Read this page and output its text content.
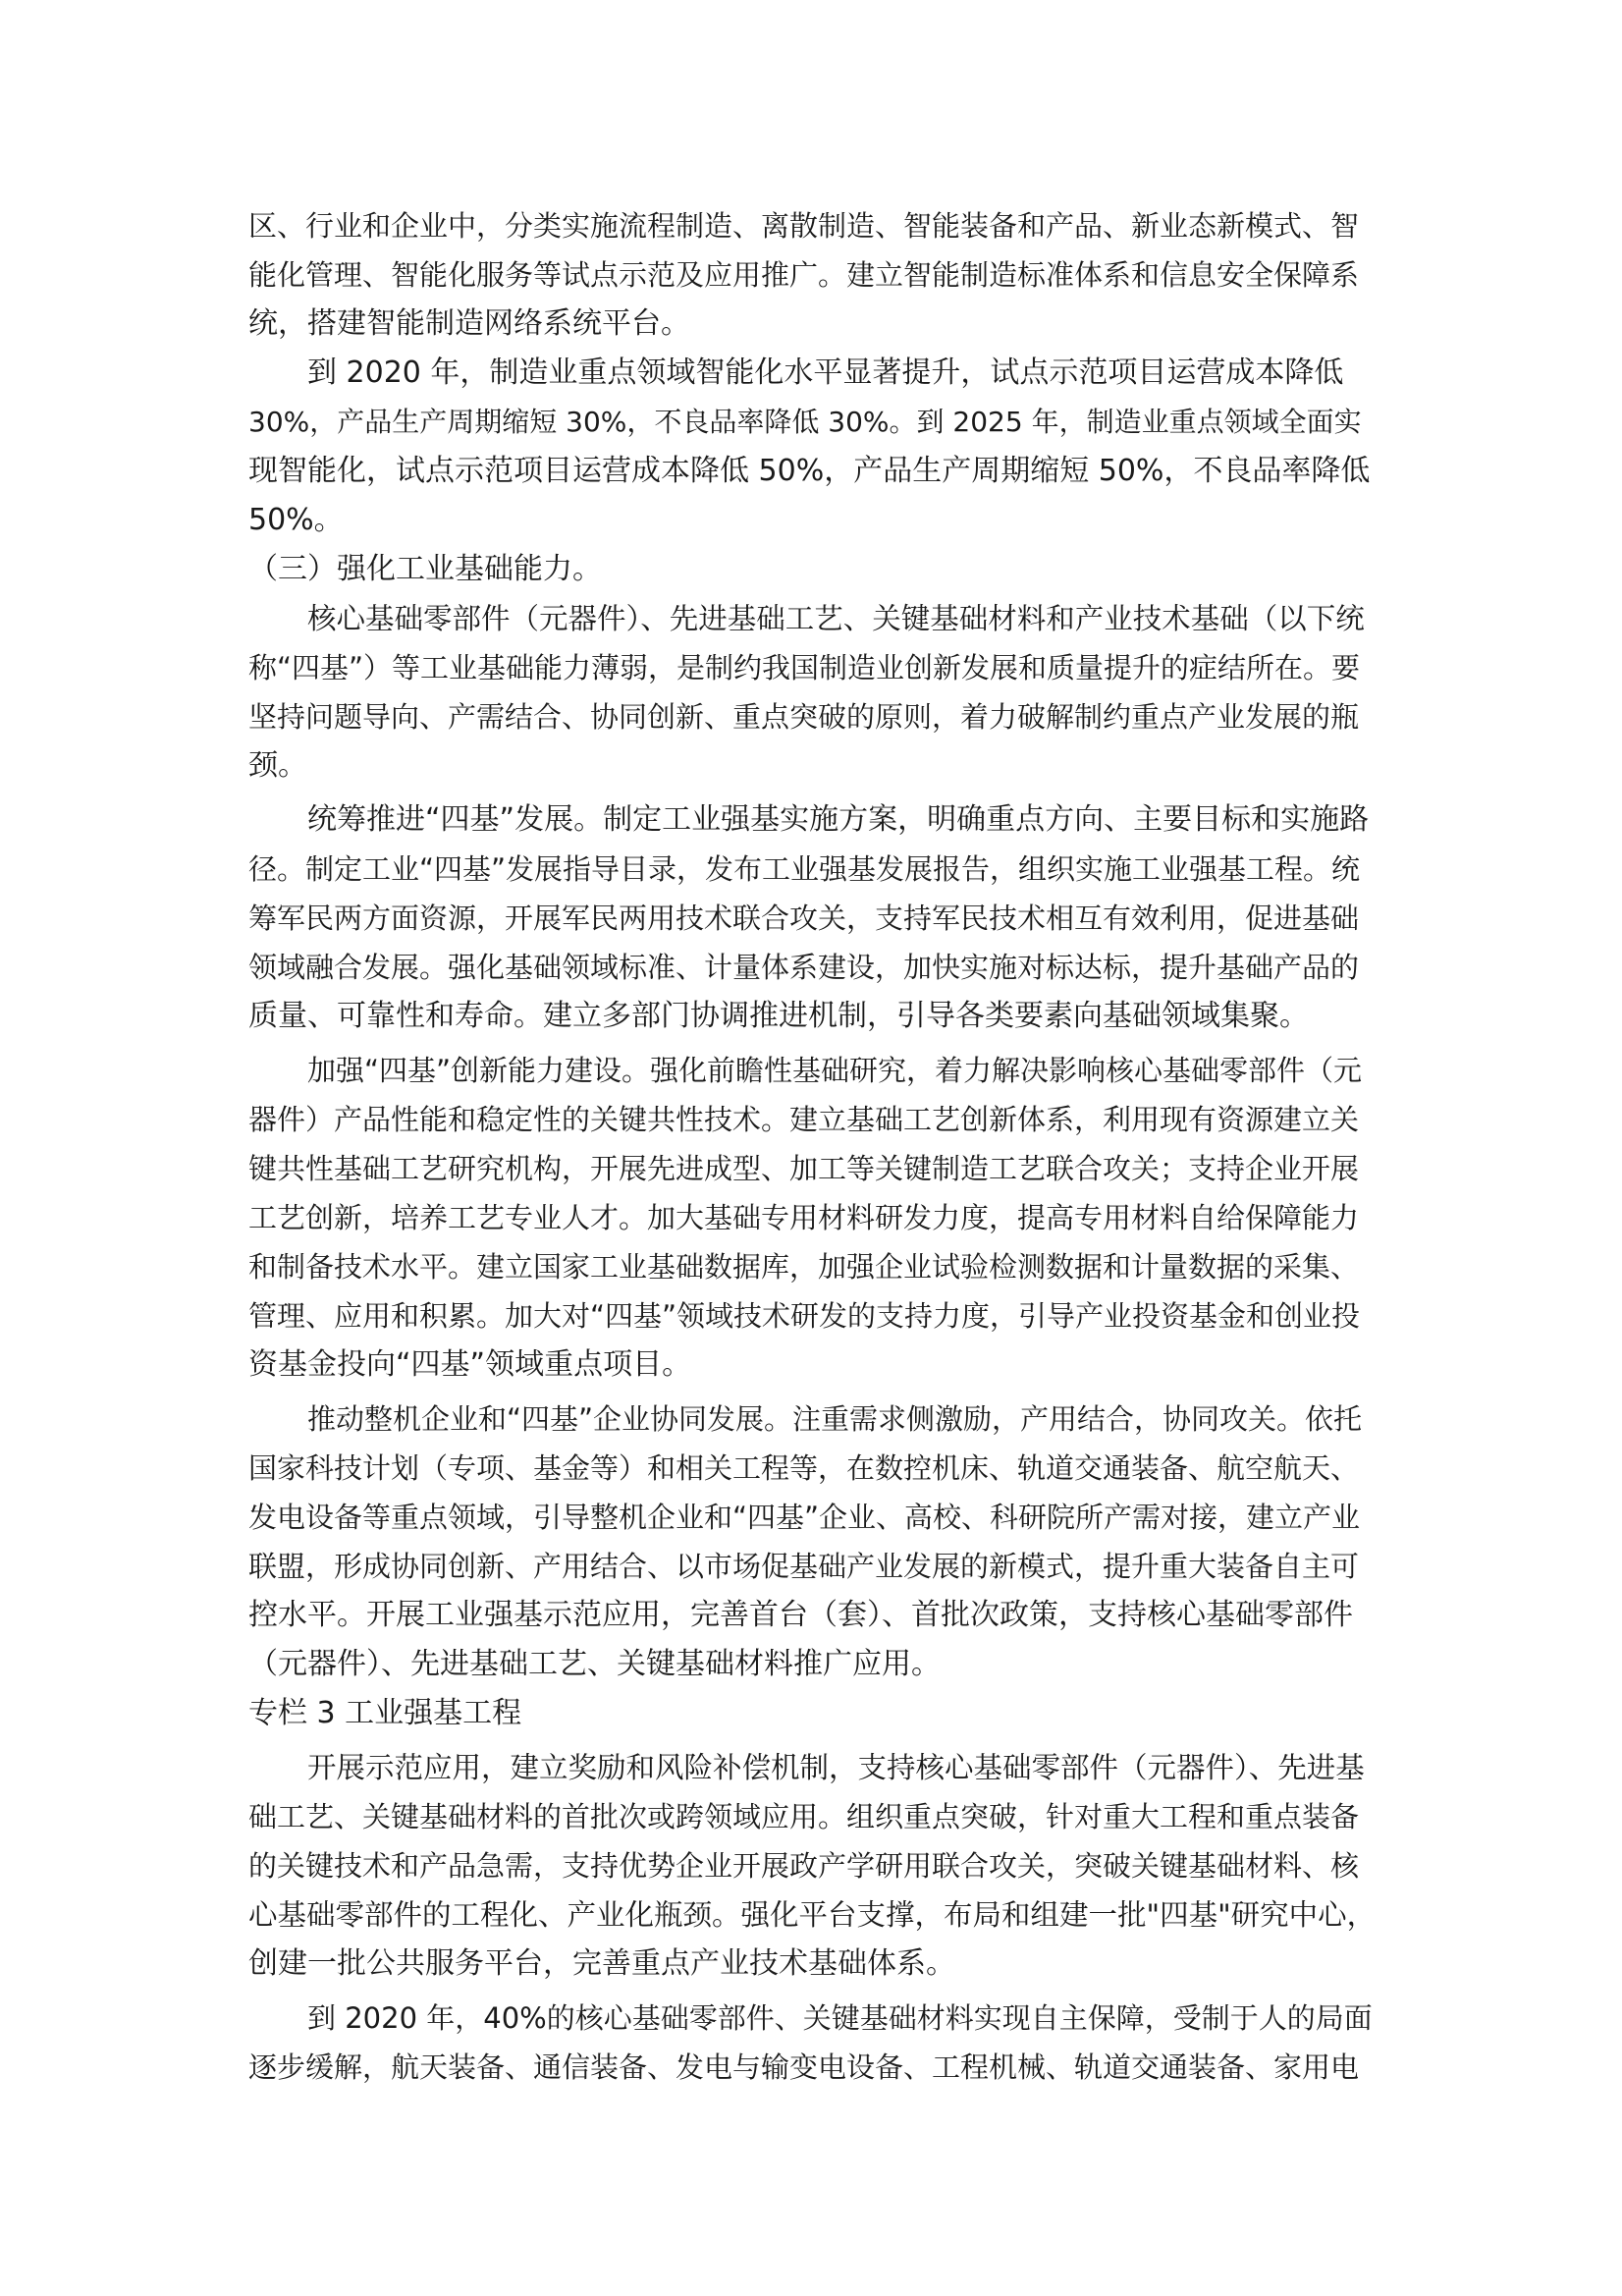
区、行业和企业中，分类实施流程制造、离散制造、智能装备和产品、新业态新模式、智
能化管理、智能化服务等试点示范及应用推广。建立智能制造标准体系和信息安全保障系
统，搭建智能制造网络系统平台。
到 2020 年，制造业重点领域智能化水平显著提升，试点示范项目运营成本降低
30%，产品生产周期缩短 30%，不良品率降低 30%。到 2025 年，制造业重点领域全面实
现智能化，试点示范项目运营成本降低 50%，产品生产周期缩短 50%，不良品率降低
50%。
（三）强化工业基础能力。
核心基础零部件（元器件）、先进基础工艺、关键基础材料和产业技术基础（以下统
称“四基”）等工业基础能力薄弱，是制约我国制造业创新发展和质量提升的症结所在。要
坚持问题导向、产需结合、协同创新、重点突破的原则，着力破解制约重点产业发展的瓶
颈。
统筹推进“四基”发展。制定工业强基实施方案，明确重点方向、主要目标和实施路
径。制定工业“四基”发展指导目录，发布工业强基发展报告，组织实施工业强基工程。统
筹军民两方面资源，开展军民两用技术联合攻关，支持军民技术相互有效利用，促进基础
领域融合发展。强化基础领域标准、计量体系建设，加快实施对标达标，提升基础产品的
质量、可靠性和寿命。建立多部门协调推进机制，引导各类要素向基础领域集聚。
加强“四基”创新能力建设。强化前瞻性基础研究，着力解决影响核心基础零部件（元
器件）产品性能和稳定性的关键共性技术。建立基础工艺创新体系，利用现有资源建立关
键共性基础工艺研究机构，开展先进成型、加工等关键制造工艺联合攻关；支持企业开展
工艺创新，培养工艺专业人才。加大基础专用材料研发力度，提高专用材料自给保障能力
和制备技术水平。建立国家工业基础数据库，加强企业试验检测数据和计量数据的采集、
管理、应用和积累。加大对“四基”领域技术研发的支持力度，引导产业投资基金和创业投
资基金投向“四基”领域重点项目。
推动整机企业和“四基”企业协同发展。注重需求侧激励，产用结合，协同攻关。依托
国家科技计划（专项、基金等）和相关工程等，在数控机床、轨道交通装备、航空航天、
发电设备等重点领域，引导整机企业和“四基”企业、高校、科研院所产需对接，建立产业
联盟，形成协同创新、产用结合、以市场促基础产业发展的新模式，提升重大装备自主可
控水平。开展工业强基示范应用，完善首台（套）、首批次政策，支持核心基础零部件
（元器件）、先进基础工艺、关键基础材料推广应用。
专栏 3 工业强基工程
开展示范应用，建立奖励和风险补偿机制，支持核心基础零部件（元器件）、先进基
础工艺、关键基础材料的首批次或跨领域应用。组织重点突破，针对重大工程和重点装备
的关键技术和产品急需，支持优势企业开展政产学研用联合攻关，突破关键基础材料、核
心基础零部件的工程化、产业化瓶颈。强化平台支撑，布局和组建一批"四基"研究中心，
创建一批公共服务平台，完善重点产业技术基础体系。
到 2020 年，40%的核心基础零部件、关键基础材料实现自主保障，受制于人的局面
逐步缓解，航天装备、通信装备、发电与输变电设备、工程机械、轨道交通装备、家用电
